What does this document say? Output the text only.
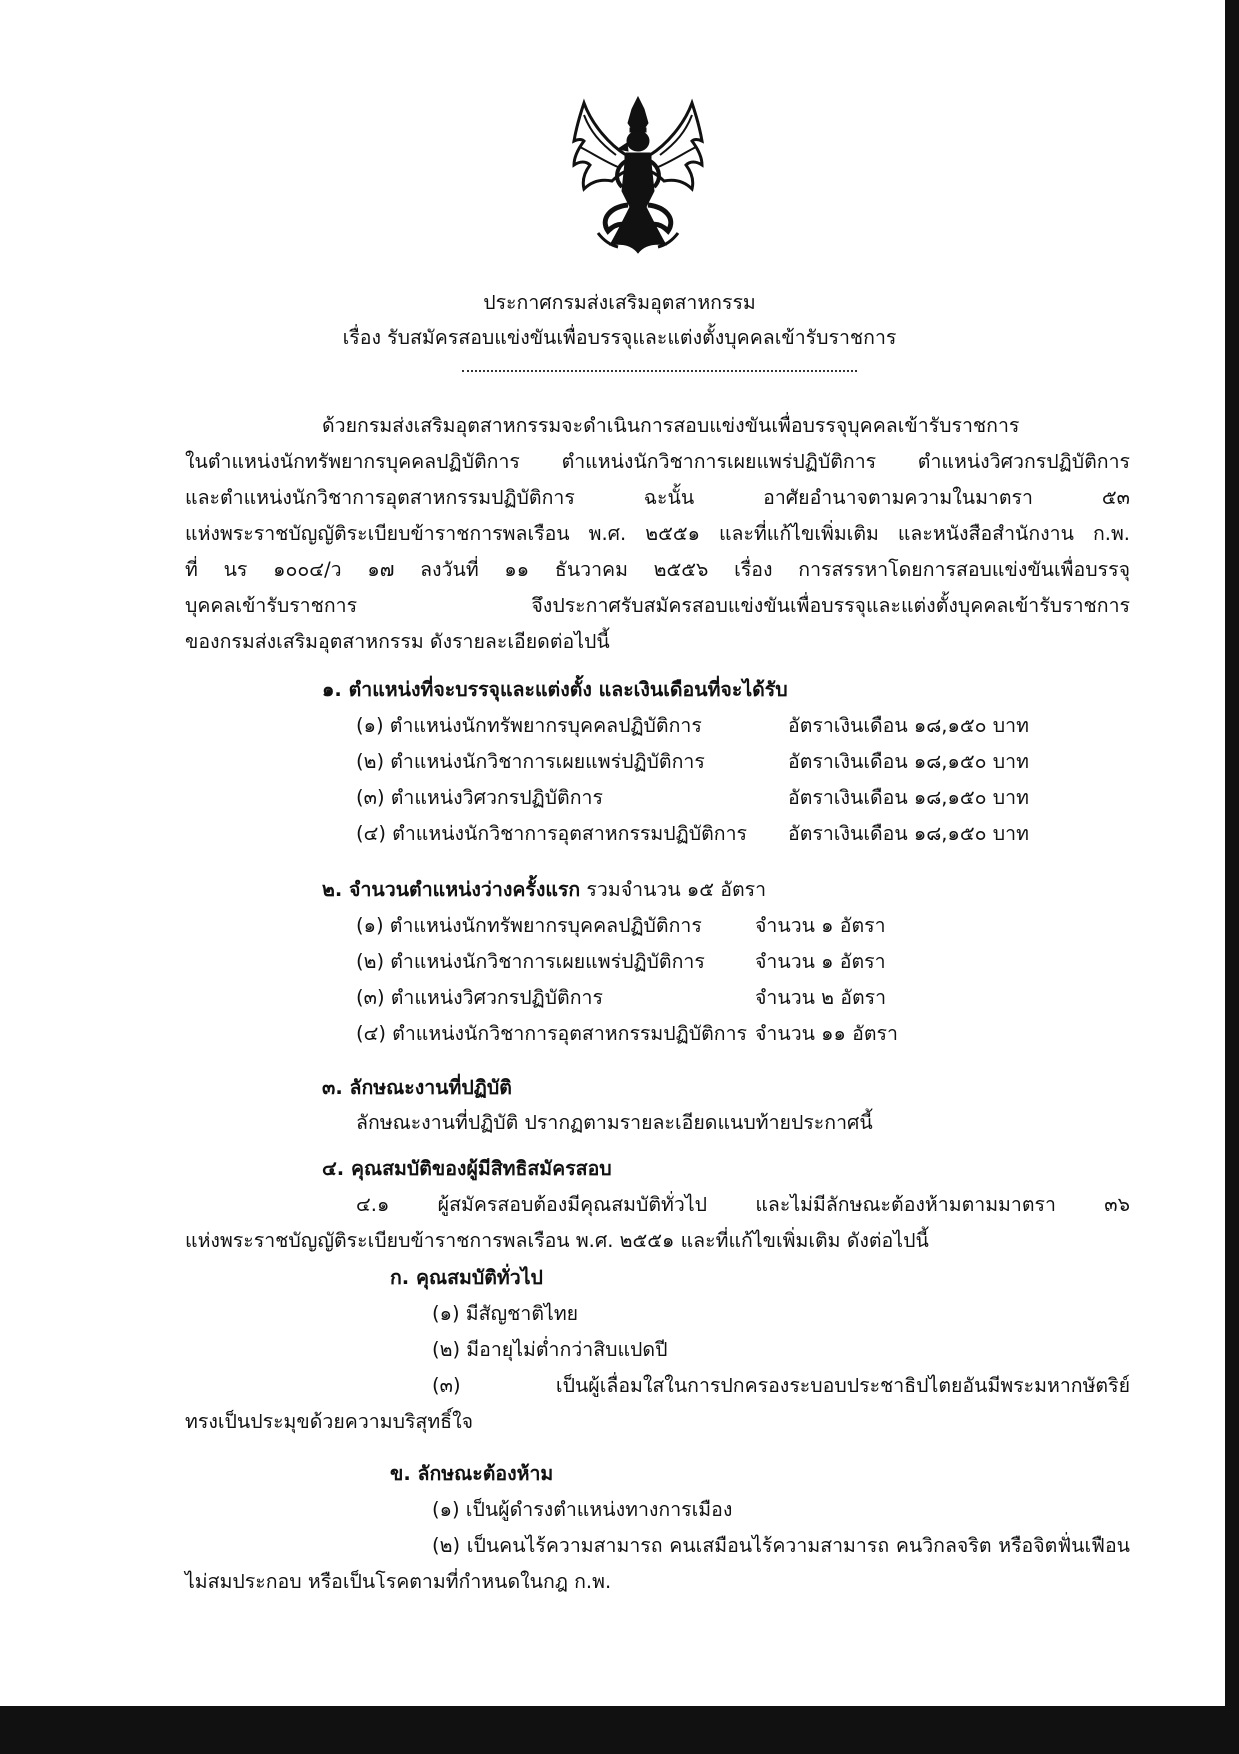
ประกาศกรมส่งเสริมอุตสาหกรรม
เรื่อง รับสมัครสอบแข่งขันเพื่อบรรจุและแต่งตั้งบุคคลเข้ารับราชการ
ด้วยกรมส่งเสริมอุตสาหกรรมจะดำเนินการสอบแข่งขันเพื่อบรรจุบุคคลเข้ารับราชการ
ในตำแหน่งนักทรัพยากรบุคคลปฏิบัติการ ตำแหน่งนักวิชาการเผยแพร่ปฏิบัติการ ตำแหน่งวิศวกรปฏิบัติการ
และตำแหน่งนักวิชาการอุตสาหกรรมปฏิบัติการ ฉะนั้น อาศัยอำนาจตามความในมาตรา ๕๓
แห่งพระราชบัญญัติระเบียบข้าราชการพลเรือน พ.ศ. ๒๕๕๑ และที่แก้ไขเพิ่มเติม และหนังสือสำนักงาน ก.พ.
ที่ นร ๑๐๐๔/ว ๑๗ ลงวันที่ ๑๑ ธันวาคม ๒๕๕๖ เรื่อง การสรรหาโดยการสอบแข่งขันเพื่อบรรจุ
บุคคลเข้ารับราชการ จึงประกาศรับสมัครสอบแข่งขันเพื่อบรรจุและแต่งตั้งบุคคลเข้ารับราชการ
ของกรมส่งเสริมอุตสาหกรรม ดังรายละเอียดต่อไปนี้
๑. ตำแหน่งที่จะบรรจุและแต่งตั้ง และเงินเดือนที่จะได้รับ
(๑) ตำแหน่งนักทรัพยากรบุคคลปฏิบัติการ	อัตราเงินเดือน ๑๘,๑๕๐ บาท
(๒) ตำแหน่งนักวิชาการเผยแพร่ปฏิบัติการ	อัตราเงินเดือน ๑๘,๑๕๐ บาท
(๓) ตำแหน่งวิศวกรปฏิบัติการ	อัตราเงินเดือน ๑๘,๑๕๐ บาท
(๔) ตำแหน่งนักวิชาการอุตสาหกรรมปฏิบัติการ อัตราเงินเดือน ๑๘,๑๕๐ บาท
๒. จำนวนตำแหน่งว่างครั้งแรก รวมจำนวน ๑๕ อัตรา
(๑) ตำแหน่งนักทรัพยากรบุคคลปฏิบัติการ	จำนวน ๑ อัตรา
(๒) ตำแหน่งนักวิชาการเผยแพร่ปฏิบัติการ	จำนวน ๑ อัตรา
(๓) ตำแหน่งวิศวกรปฏิบัติการ	จำนวน ๒ อัตรา
(๔) ตำแหน่งนักวิชาการอุตสาหกรรมปฏิบัติการ จำนวน ๑๑ อัตรา
๓. ลักษณะงานที่ปฏิบัติ
ลักษณะงานที่ปฏิบัติ ปรากฏตามรายละเอียดแนบท้ายประกาศนี้
๔. คุณสมบัติของผู้มีสิทธิสมัครสอบ
๔.๑ ผู้สมัครสอบต้องมีคุณสมบัติทั่วไป และไม่มีลักษณะต้องห้ามตามมาตรา ๓๖
แห่งพระราชบัญญัติระเบียบข้าราชการพลเรือน พ.ศ. ๒๕๕๑ และที่แก้ไขเพิ่มเติม ดังต่อไปนี้
ก. คุณสมบัติทั่วไป
(๑) มีสัญชาติไทย
(๒) มีอายุไม่ต่ำกว่าสิบแปดปี
(๓) เป็นผู้เลื่อมใสในการปกครองระบอบประชาธิปไตยอันมีพระมหากษัตริย์
ทรงเป็นประมุขด้วยความบริสุทธิ์ใจ
ข. ลักษณะต้องห้าม
(๑) เป็นผู้ดำรงตำแหน่งทางการเมือง
(๒) เป็นคนไร้ความสามารถ คนเสมือนไร้ความสามารถ คนวิกลจริต หรือจิตฟั่นเฟือน
ไม่สมประกอบ หรือเป็นโรคตามที่กำหนดในกฎ ก.พ.
